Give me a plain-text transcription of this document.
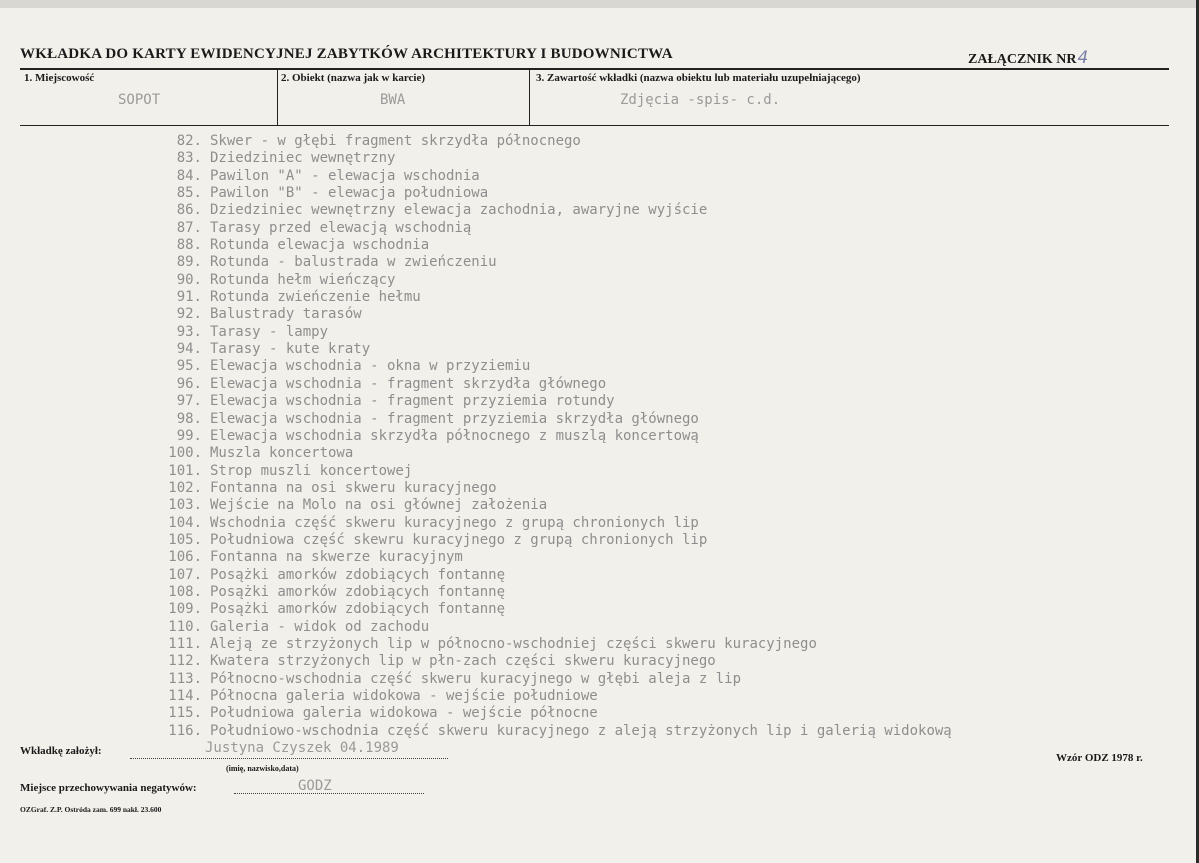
WKŁADKA DO KARTY EWIDENCYJNEJ ZABYTKÓW ARCHITEKTURY I BUDOWNICTWA	ZAŁĄCZNIK NR4
1. Miejscowość
SOPOT
2. Obiekt (nazwa jak w karcie)
BWA
3. Zawartość wkładki (nazwa obiektu lub materiału uzupełniającego)
Zdjęcia -spis- c.d.
82. Skwer - w głębi fragment skrzydła północnego
83. Dziedziniec wewnętrzny
84. Pawilon "A" - elewacja wschodnia
85. Pawilon "B" - elewacja południowa
86. Dziedziniec wewnętrzny elewacja zachodnia, awaryjne wyjście
87. Tarasy przed elewacją wschodnią
88. Rotunda elewacja wschodnia
89. Rotunda - balustrada w zwieńczeniu
90. Rotunda hełm wieńczący
91. Rotunda zwieńczenie hełmu
92. Balustrady tarasów
93. Tarasy - lampy
94. Tarasy - kute kraty
95. Elewacja wschodnia - okna w przyziemiu
96. Elewacja wschodnia - fragment skrzydła głównego
97. Elewacja wschodnia - fragment przyziemia rotundy
98. Elewacja wschodnia - fragment przyziemia skrzydła głównego
99. Elewacja wschodnia skrzydła północnego z muszlą koncertową
100. Muszla koncertowa
101. Strop muszli koncertowej
102. Fontanna na osi skweru kuracyjnego
103. Wejście na Molo na osi głównej założenia
104. Wschodnia część skweru kuracyjnego z grupą chronionych lip
105. Południowa część skewru kuracyjnego z grupą chronionych lip
106. Fontanna na skwerze kuracyjnym
107. Posążki amorków zdobiących fontannę
108. Posążki amorków zdobiących fontannę
109. Posążki amorków zdobiących fontannę
110. Galeria - widok od zachodu
111. Aleją ze strzyżonych lip w północno-wschodniej części skweru kuracyjnego
112. Kwatera strzyżonych lip w płn-zach części skweru kuracyjnego
113. Północno-wschodnia część skweru kuracyjnego w głębi aleja z lip
114. Północna galeria widokowa - wejście południowe
115. Południowa galeria widokowa - wejście północne
116. Południowo-wschodnia część skweru kuracyjnego z aleją strzyżonych lip i galerią widokową
Wkładkę założył:	Justyna Czyszek 04.1989
(imię, nazwisko,data)
Wzór ODZ 1978 r.
Miejsce przechowywania negatywów:	GODZ
OZGraf. Z.P. Ostróda zam. 699 nakł. 23.600
